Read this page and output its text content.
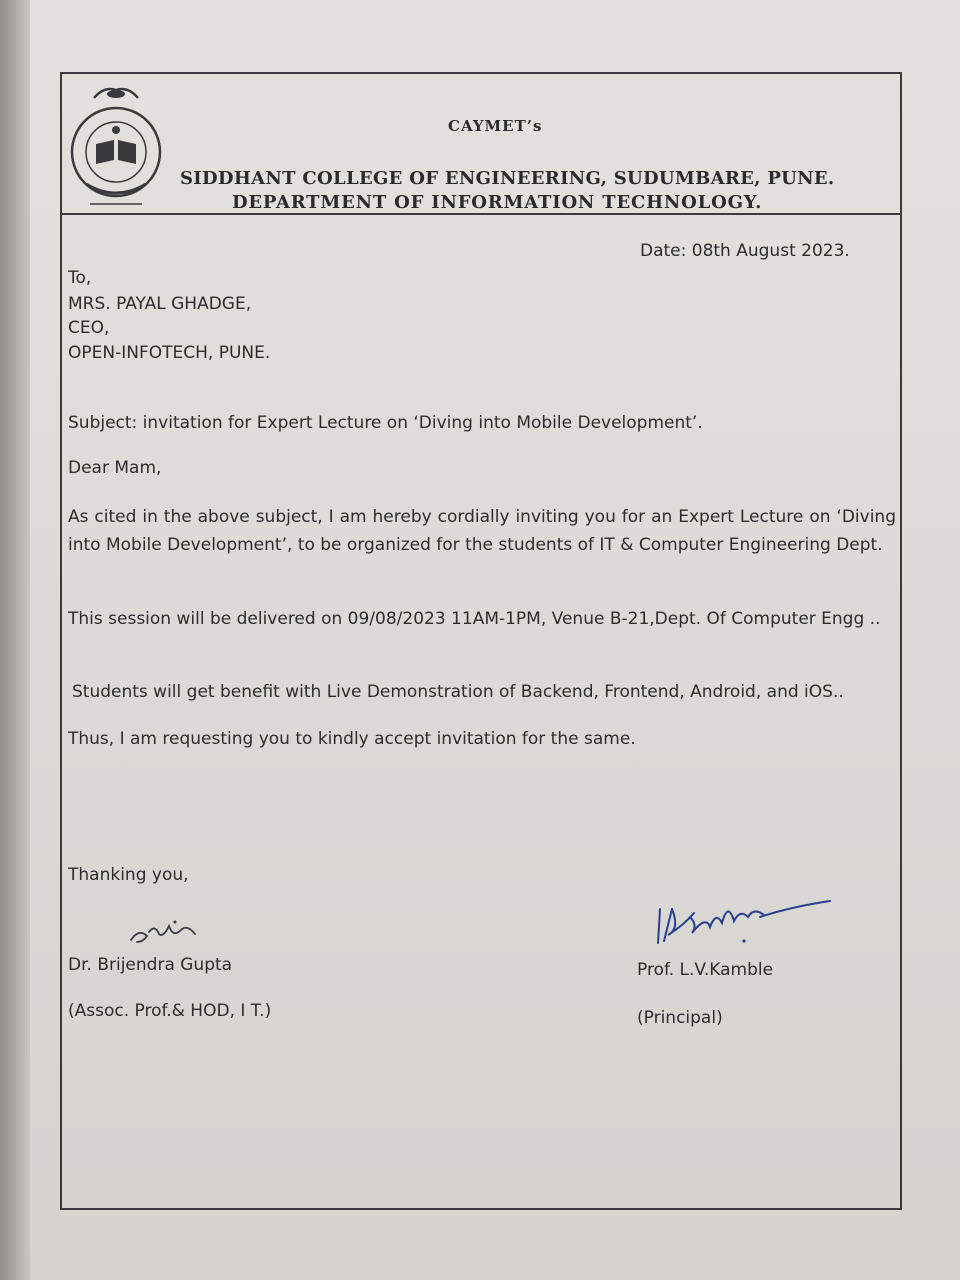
CAYMET’s
SIDDHANT COLLEGE OF ENGINEERING, SUDUMBARE, PUNE.
DEPARTMENT OF INFORMATION TECHNOLOGY.
Date: 08th August 2023.
To,
MRS. PAYAL GHADGE,
CEO,
OPEN-INFOTECH, PUNE.
Subject: invitation for Expert Lecture on ‘Diving into Mobile Development’.
Dear Mam,

As cited in the above subject, I am hereby cordially inviting you for an Expert Lecture on ‘Diving into Mobile Development’, to be organized for the students of IT & Computer Engineering Dept.

This session will be delivered on 09/08/2023 11AM-1PM, Venue B-21,Dept. Of Computer Engg ..

Students will get benefit with Live Demonstration of Backend, Frontend, Android, and iOS..
Thus, I am requesting you to kindly accept invitation for the same.
Thanking you,
Dr. Brijendra Gupta
(Assoc. Prof.& HOD, I T.)
Prof. L.V.Kamble
(Principal)
